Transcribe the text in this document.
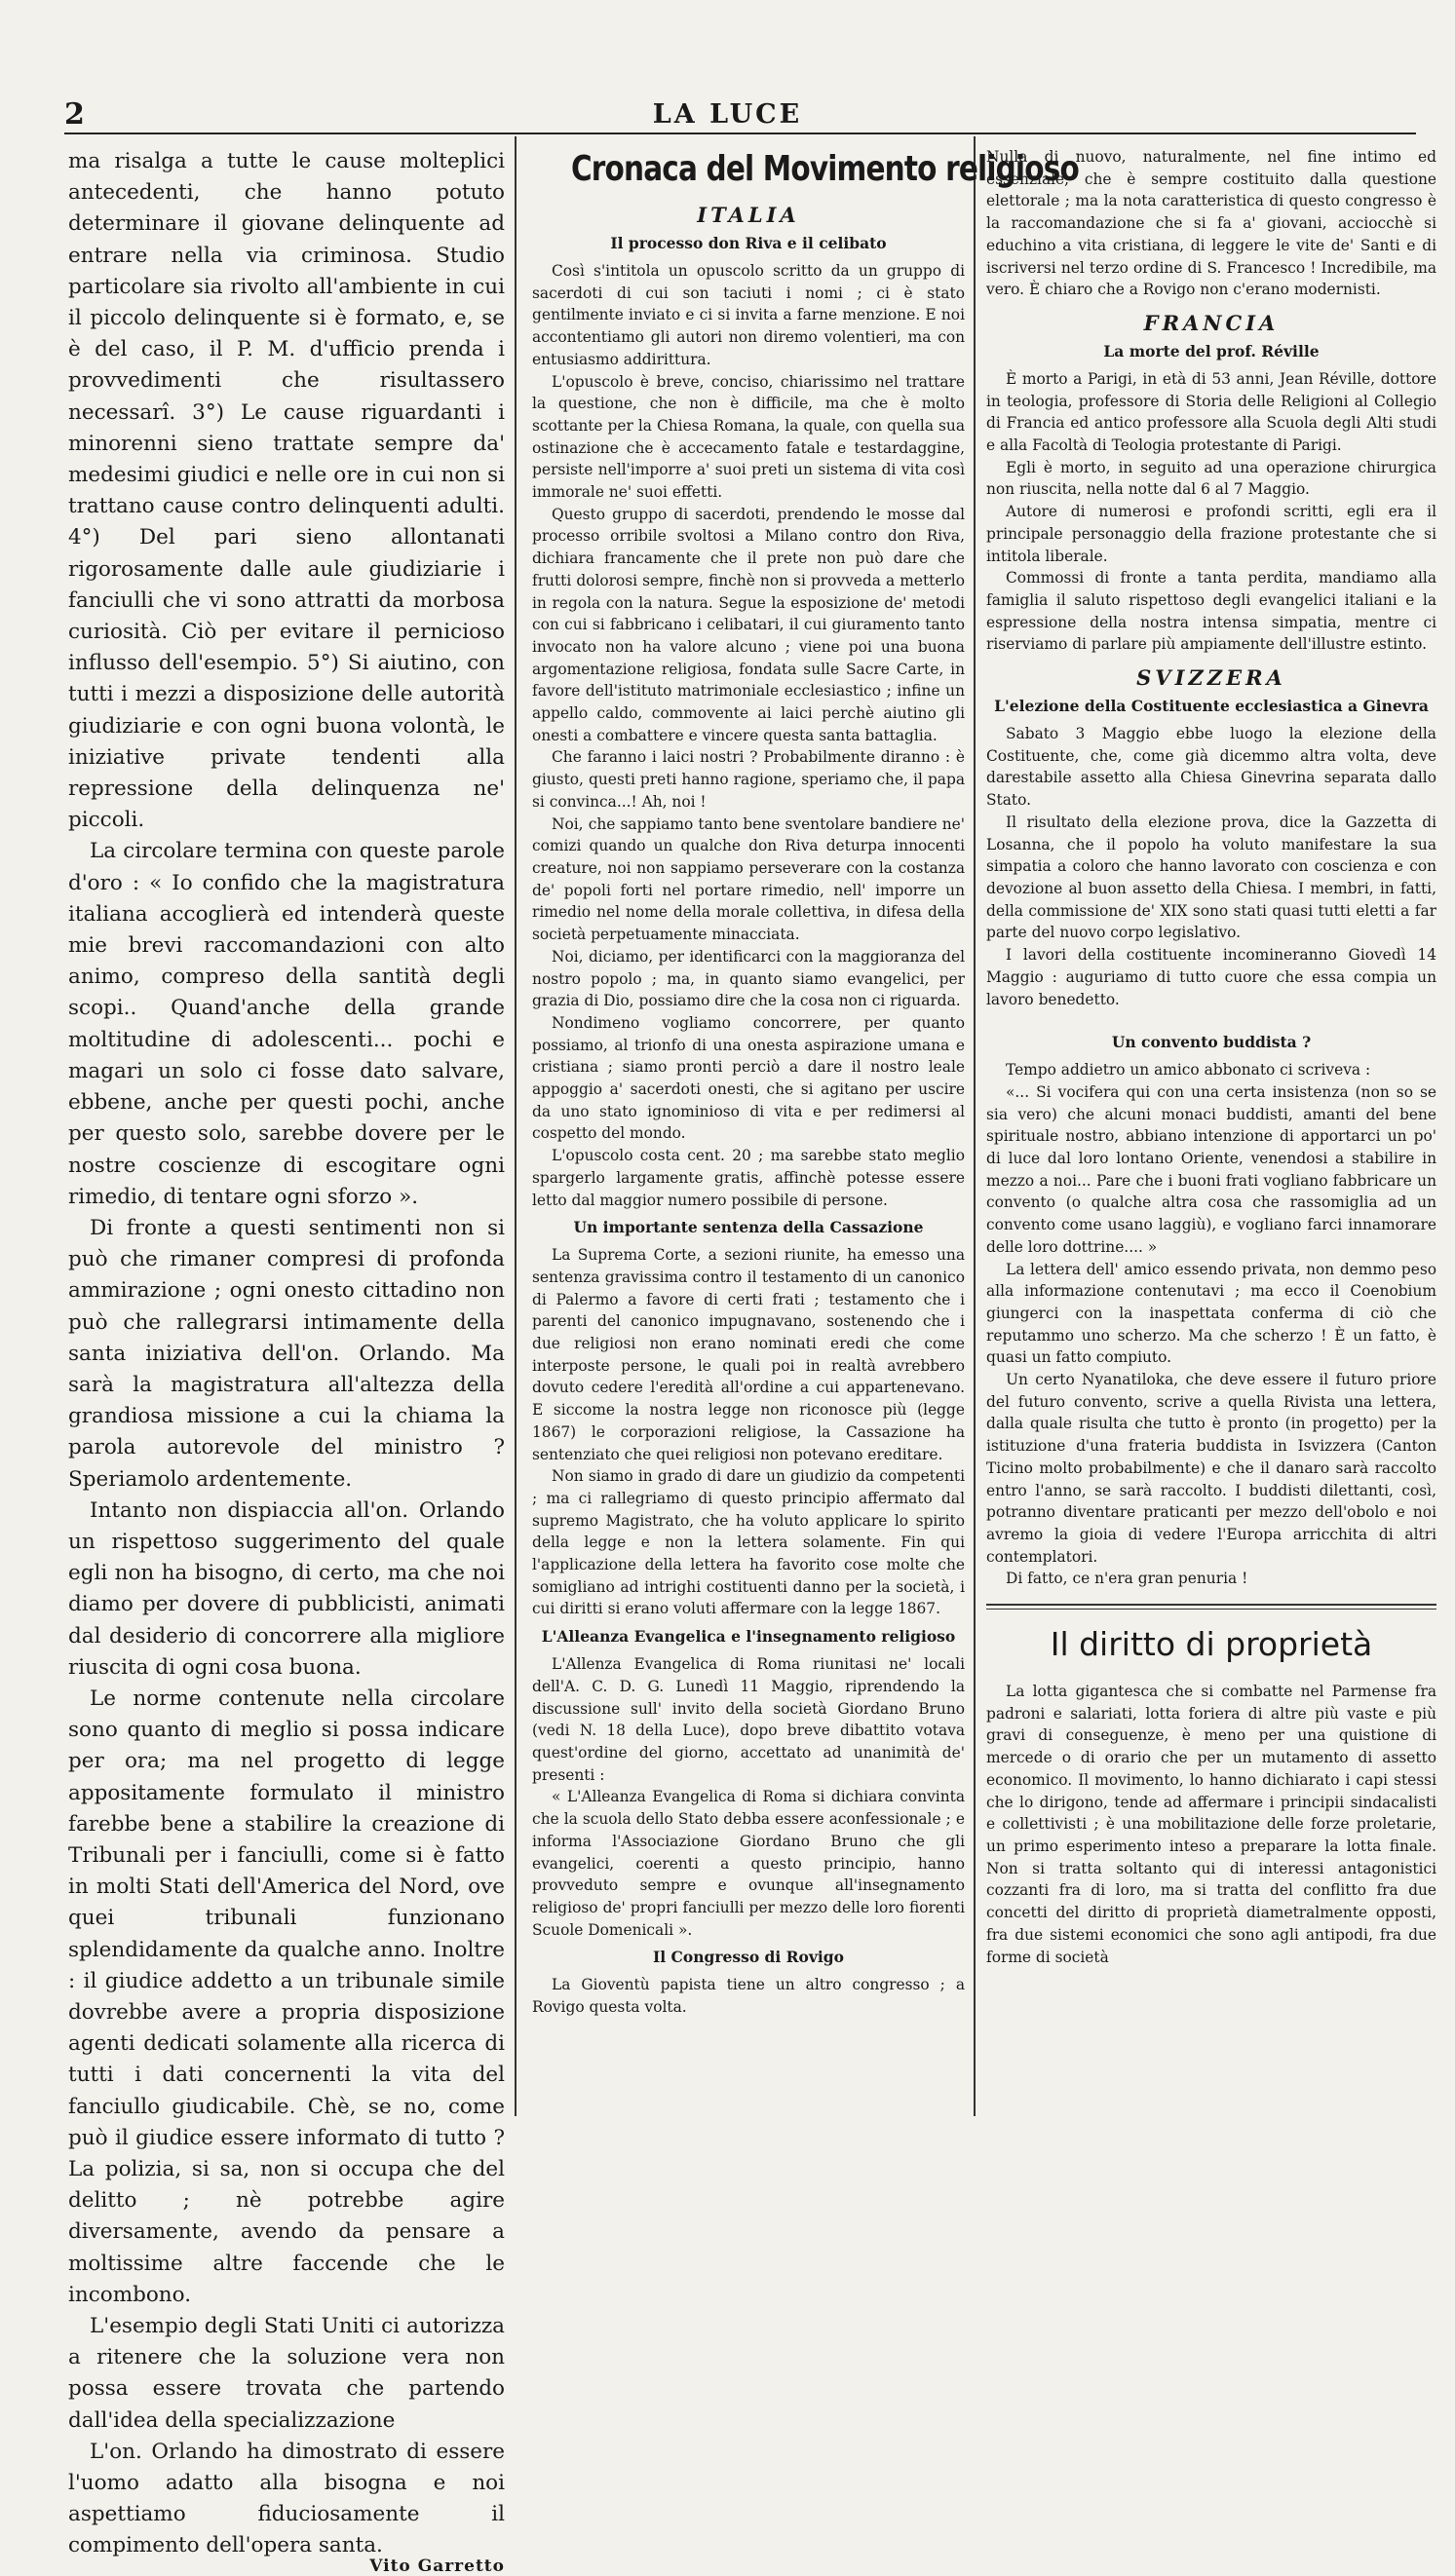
2	LA LUCE

ma risalga a tutte le cause moltеplici antecedenti, che hanno potuto determinare il giovane delinquente ad entrare nella via criminosa. Studio particolare sia rivolto all'ambiente in cui il piccolo delinquente si è formato, e, se è del caso, il P. M. d'ufficio prenda i provvedimenti che risultassero necessarî. 3°) Le cause riguardanti i minorenni sieno trattate sempre da' medesimi giudici e nelle ore in cui non si trattano cause contro delinquenti adulti. 4°) Del pari sieno allontanati rigorosamente dalle aule giudiziarie i fanciulli che vi sono attratti da morbosa curiosità. Ciò per evitare il pernicioso influsso dell'esempio. 5°) Si aiutino, con tutti i mezzi a disposizione delle autorità giudiziarie e con ogni buona volontà, le iniziative private tendenti alla repressione della delinquenza ne' piccoli.

La circolare termina con queste parole d'oro : « Io confido che la magistratura italiana accoglierà ed intenderà queste mie brevi raccomandazioni con alto animo, compreso della santità degli scopi.. Quand'anche della grande moltitudine di adolescenti... pochi e magari un solo ci fosse dato salvare, ebbene, anche per questi pochi, anche per questo solo, sarebbe dovere per le nostre coscienze di escogitare ogni rimedio, di tentare ogni sforzo ».

Di fronte a questi sentimenti non si può che rimaner compresi di profonda ammirazione ; ogni onesto cittadino non può che rallegrarsi intimamente della santa iniziativa dell'on. Orlando. Ma sarà la magistratura all'altezza della grandiosa missione a cui la chiama la parola autorevole del ministro ? Speriamolo ardentemente.

Intanto non dispiaccia all'on. Orlando un rispettoso suggerimento del quale egli non ha bisogno, di certo, ma che noi diamo per dovere di pubblicisti, animati dal desiderio di concorrere alla migliore riuscita di ogni cosa buona.

Le norme contenute nella circolare sono quanto di meglio si possa indicare per ora; ma nel progetto di legge appositamente formulato il ministro farebbe bene a stabilire la creazione di Tribunali per i fanciulli, come si è fatto in molti Stati dell'America del Nord, ove quei tribunali funzionano splendidamente da qualche anno. Inoltre : il giudice addetto a un tribunale simile dovrebbe avere a propria disposizione agenti dedicati solamente alla ricerca di tutti i dati concernenti la vita del fanciullo giudicabile. Chè, se no, come può il giudice essere informato di tutto ? La polizia, si sa, non si occupa che del delitto ; nè potrebbe agire diversamente, avendo da pensare a moltissime altre faccende che le incombono.

L'esempio degli Stati Uniti ci autorizza a ritenere che la soluzione vera non possa essere trovata che partendo dall'idea della specializzazione

L'on. Orlando ha dimostrato di essere l'uomo adatto alla bisogna e noi aspettiamo fiduciosamente il compimento dell'opera santa.

Vito Garretto
Cronaca del Movimento religioso
ITALIA
Il processo don Riva e il celibato

Così s'intitola un opuscolo scritto da un gruppo di sacerdoti di cui son taciuti i nomi ; ci è stato gentilmente inviato e ci si invita a farne menzione. E noi accontentiamo gli autori non diremo volentieri, ma con entusiasmo addirittura.

L'opuscolo è breve, conciso, chiarissimo nel trattare la questione, che non è difficile, ma che è molto scottante per la Chiesa Romana, la quale, con quella sua ostinazione che è accecamento fatale e testardaggine, persiste nell'imporre a' suoi preti un sistema di vita così immorale ne' suoi effetti.

Questo gruppo di sacerdoti, prendendo le mosse dal processo orribile svoltosi a Milano contro don Riva, dichiara francamente che il prete non può dare che frutti dolorosi sempre, finchè non si provveda a metterlo in regola con la natura. Segue la esposizione de' metodi con cui si fabbricano i celibatari, il cui giuramento tanto invocato non ha valore alcuno ; viene poi una buona argomentazione religiosa, fondata sulle Sacre Carte, in favore dell'istituto matrimoniale ecclesiastico ; infine un appello caldo, commovente ai laici perchè aiutino gli onesti a combattere e vincere questa santa battaglia.

Che faranno i laici nostri ? Probabilmente diranno : è giusto, questi preti hanno ragione, speriamo che, il papa si convinca...! Ah, noi !

Noi, che sappiamo tanto bene sventolare bandiere ne' comizi quando un qualche don Riva deturpa innocenti creature, noi non sappiamo perseverare con la costanza de' popoli forti nel portare rimedio, nell' imporre un rimedio nel nome della morale collettiva, in difesa della società perpetuamente minacciata.

Noi, diciamo, per identificarci con la maggioranza del nostro popolo ; ma, in quanto siamo evangelici, per grazia di Dio, possiamo dire che la cosa non ci riguarda.

Nondimeno vogliamo concorrere, per quanto possiamo, al trionfo di una onesta aspirazione umana e cristiana ; siamo pronti perciò a dare il nostro leale appoggio a' sacerdoti onesti, che si agitano per uscire da uno stato ignominioso di vita e per redimersi al cospetto del mondo.

L'opuscolo costa cent. 20 ; ma sarebbe stato meglio spargerlo largamente gratis, affinchè potesse essere letto dal maggior numero possibile di persone.

Un importante sentenza della Cassazione

La Suprema Corte, a sezioni riunite, ha emesso una sentenza gravissima contro il testamento di un canonico di Palermo a favore di certi frati ; testamento che i parenti del canonico impugnavano, sostenendo che i due religiosi non erano nominati eredi che come interposte persone, le quali poi in realtà avrebbero dovuto cedere l'eredità all'ordine a cui appartenevano. E siccome la nostra legge non riconosce più (legge 1867) le corporazioni religiose, la Cassazione ha sentenziato che quei religiosi non potevano ereditare.

Non siamo in grado di dare un giudizio da competenti ; ma ci rallegriamo di questo principio affermato dal supremo Magistrato, che ha voluto applicare lo spirito della legge e non la lettera solamente. Fin qui l'applicazione della lettera ha favorito cose molte che somigliano ad intrighi costituenti danno per la società, i cui diritti si erano voluti affermare con la legge 1867.

L'Alleanza Evangelica e l'insegnamento religioso

L'Allenza Evangelica di Roma riunitasi ne' locali dell'A. C. D. G. Lunedì 11 Maggio, riprendendo la discussione sull' invito della società Giordano Bruno (vedi N. 18 della Luce), dopo breve dibattito votava quest'ordine del giorno, accettato ad unanimità de' presenti :

« L'Alleanza Evangelica di Roma si dichiara convinta che la scuola dello Stato debba essere aconfessionale ; e informa l'Associazione Giordano Bruno che gli evangelici, coerenti a questo principio, hanno provveduto sempre e ovunque all'insegnamento religioso de' propri fanciulli per mezzo delle loro fiorenti Scuole Domenicali ».

Il Congresso di Rovigo

La Gioventù papista tiene un altro congresso ; a Rovigo questa volta.

Nulla di nuovo, naturalmente, nel fine intimo ed essenziale, che è sempre costituito dalla questione elettorale ; ma la nota caratteristica di questo congresso è la raccomandazione che si fa a' giovani, acciocchè si educhino a vita cristiana, di leggere le vite de' Santi e di iscriversi nel terzo ordine di S. Francesco ! Incredibile, ma vero. È chiaro che a Rovigo non c'erano modernisti.

FRANCIA
La morte del prof. Réville

È morto a Parigi, in età di 53 anni, Jean Réville, dottore in teologia, professore di Storia delle Religioni al Collegio di Francia ed antico professore alla Scuola degli Alti studi e alla Facoltà di Teologia protestante di Parigi.

Egli è morto, in seguito ad una operazione chirurgica non riuscita, nella notte dal 6 al 7 Maggio.

Autore di numerosi e profondi scritti, egli era il principale personaggio della frazione protestante che si intitola liberale.

Commossi di fronte a tanta perdita, mandiamo alla famiglia il saluto rispettoso degli evangelici italiani e la espressione della nostra intensa simpatia, mentre ci riserviamo di parlare più ampiamente dell'illustre estinto.

SVIZZERA
L'elezione della Costituente ecclesiastica a Ginevra

Sabato 3 Maggio ebbe luogo la elezione della Costituente, che, come già dicemmo altra volta, deve darestabile assetto alla Chiesa Ginevrina separata dallo Stato.

Il risultato della elezione prova, dice la Gazzetta di Losanna, che il popolo ha voluto manifestare la sua simpatia a coloro che hanno lavorato con coscienza e con devozione al buon assetto della Chiesa. I membri, in fatti, della commissione de' XIX sono stati quasi tutti eletti a far parte del nuovo corpo legislativo.

I lavori della costituente incomineranno Giovedì 14 Maggio : auguriamo di tutto cuore che essa compia un lavoro benedetto.

Un convento buddista ?

Tempo addietro un amico abbonato ci scriveva :

«... Si vocifera qui con una certa insistenza (non so se sia vero) che alcuni monaci buddisti, amanti del bene spirituale nostro, abbiano intenzione di apportarci un po' di luce dal loro lontano Oriente, venendosi a stabilire in mezzo a noi... Pare che i buoni frati vogliano fabbricare un convento (o qualche altra cosa che rassomiglia ad un convento come usano laggiù), e vogliano farci innamorare delle loro dottrine.... »

La lettera dell' amico essendo privata, non demmo peso alla informazione contenutavi ; ma ecco il Coenobium giungerci con la inaspettata conferma di ciò che reputammo uno scherzo. Ma che scherzo ! È un fatto, è quasi un fatto compiuto.

Un certo Nyanatiloka, che deve essere il futuro priore del futuro convento, scrive a quella Rivista una lettera, dalla quale risulta che tutto è pronto (in progetto) per la istituzione d'una frateria buddista in Isvizzera (Canton Ticino molto probabilmente) e che il danaro sarà raccolto entro l'anno, se sarà raccolto. I buddisti dilettanti, così, potranno diventare praticanti per mezzo dell'obolo e noi avremo la gioia di vedere l'Europa arricchita di altri contemplatori.

Di fatto, ce n'era gran penuria !

Il diritto di proprietà

La lotta gigantesca che si combatte nel Parmense fra padroni e salariati, lotta foriera di altre più vaste e più gravi di conseguenze, è meno per una quistione di mercede o di orario che per un mutamento di assetto economico. Il movimento, lo hanno dichiarato i capi stessi che lo dirigono, tende ad affermare i principii sindacalisti e collettivisti ; è una mobilitazione delle forze proletarie, un primo esperimento inteso a preparare la lotta finale. Non si tratta soltanto qui di interessi antagonistici cozzanti fra di loro, ma si tratta del conflitto fra due concetti del diritto di proprietà diametralmente opposti, fra due sistemi economici che sono agli antipodi, fra due forme di società
